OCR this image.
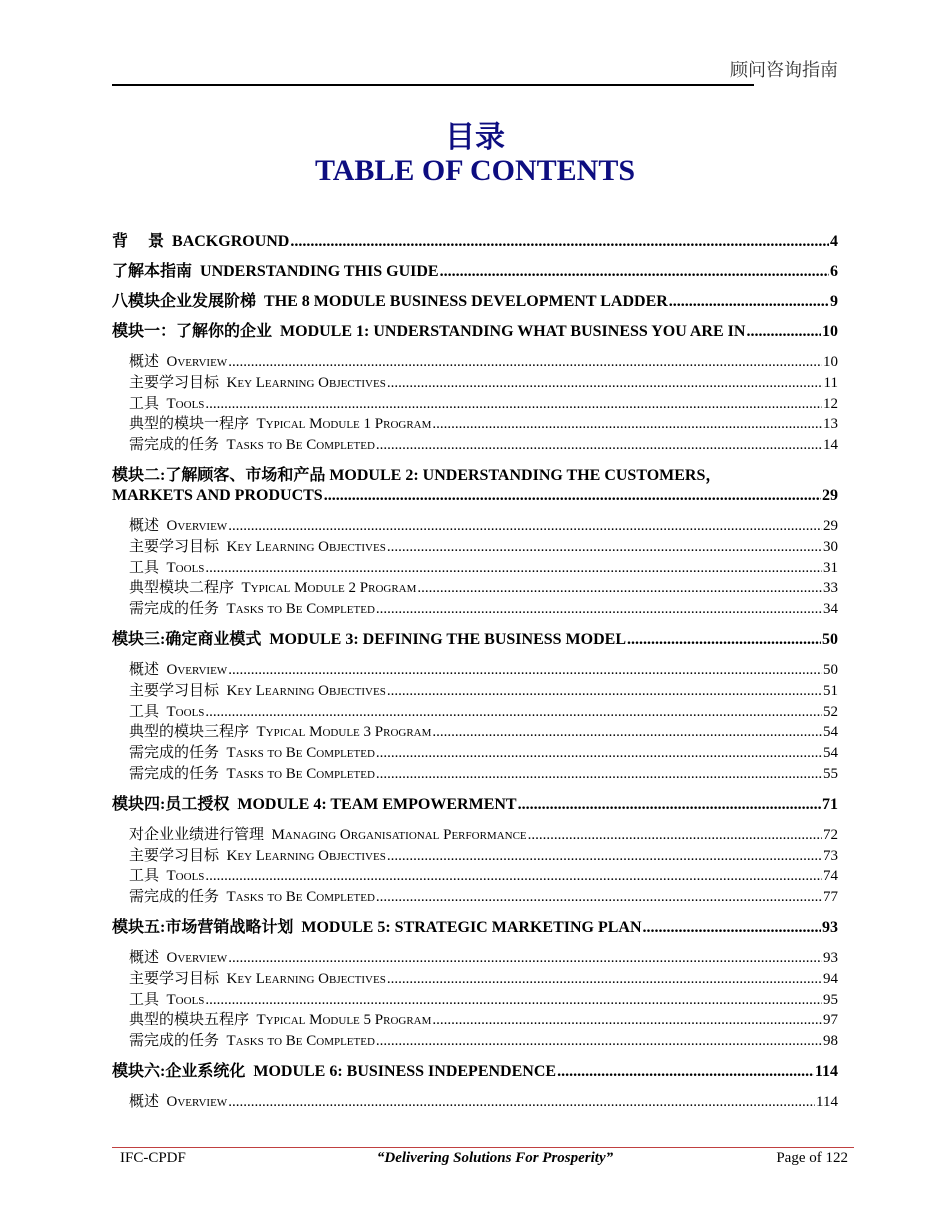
顾问咨询指南
目录
TABLE OF CONTENTS
背　 景 BACKGROUND .....	4
了解本指南 UNDERSTANDING THIS GUIDE .....	6
八模块企业发展阶梯 THE 8 MODULE BUSINESS DEVELOPMENT LADDER .....	9
模块一：了解你的企业 MODULE 1: UNDERSTANDING WHAT BUSINESS YOU ARE IN .....	10
概述 Overview .....	10
主要学习目标 Key Learning Objectives .....	11
工具 Tools .....	12
典型的模块一程序 Typical Module 1 Program .....	13
需完成的任务 Tasks to Be Completed .....	14
模块二:了解顾客、市场和产品 MODULE 2: UNDERSTANDING THE CUSTOMERS，
MARKETS AND PRODUCTS .....	29
概述 Overview .....	29
主要学习目标 Key Learning Objectives .....	30
工具 Tools .....	31
典型模块二程序 Typical Module 2 Program .....	33
需完成的任务 Tasks to Be Completed .....	34
模块三:确定商业模式 MODULE 3: DEFINING THE BUSINESS MODEL .....	50
概述 Overview .....	50
主要学习目标 Key Learning Objectives .....	51
工具 Tools .....	52
典型的模块三程序 Typical Module 3 Program .....	54
需完成的任务 Tasks to Be Completed .....	54
需完成的任务 Tasks to Be Completed .....	55
模块四:员工授权 MODULE 4: TEAM EMPOWERMENT .....	71
对企业业绩进行管理 Managing Organisational Performance .....	72
主要学习目标 Key Learning Objectives .....	73
工具 Tools .....	74
需完成的任务 Tasks to Be Completed .....	77
模块五:市场营销战略计划 MODULE 5: STRATEGIC MARKETING PLAN .....	93
概述 Overview .....	93
主要学习目标 Key Learning Objectives .....	94
工具 Tools .....	95
典型的模块五程序 Typical Module 5 Program .....	97
需完成的任务 Tasks to Be Completed .....	98
模块六:企业系统化 MODULE 6: BUSINESS INDEPENDENCE .....	114
概述 Overview .....	114
IFC-CPDF	“Delivering Solutions For Prosperity”	Page of 122
